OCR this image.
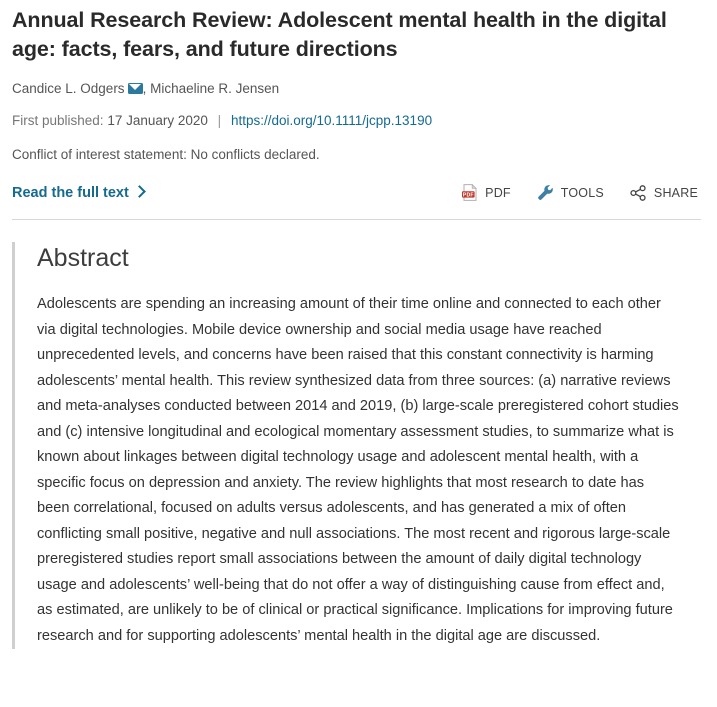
Annual Research Review: Adolescent mental health in the digital age: facts, fears, and future directions
Candice L. Odgers , Michaeline R. Jensen
First published: 17 January 2020 | https://doi.org/10.1111/jcpp.13190
Conflict of interest statement: No conflicts declared.
Read the full text	PDF PDF	TOOLS	SHARE
Abstract

Adolescents are spending an increasing amount of their time online and connected to each other via digital technologies. Mobile device ownership and social media usage have reached unprecedented levels, and concerns have been raised that this constant connectivity is harming adolescents’ mental health. This review synthesized data from three sources: (a) narrative reviews and meta-analyses conducted between 2014 and 2019, (b) large-scale preregistered cohort studies and (c) intensive longitudinal and ecological momentary assessment studies, to summarize what is known about linkages between digital technology usage and adolescent mental health, with a specific focus on depression and anxiety. The review highlights that most research to date has been correlational, focused on adults versus adolescents, and has generated a mix of often conflicting small positive, negative and null associations. The most recent and rigorous large-scale preregistered studies report small associations between the amount of daily digital technology usage and adolescents’ well-being that do not offer a way of distinguishing cause from effect and, as estimated, are unlikely to be of clinical or practical significance. Implications for improving future research and for supporting adolescents’ mental health in the digital age are discussed.
